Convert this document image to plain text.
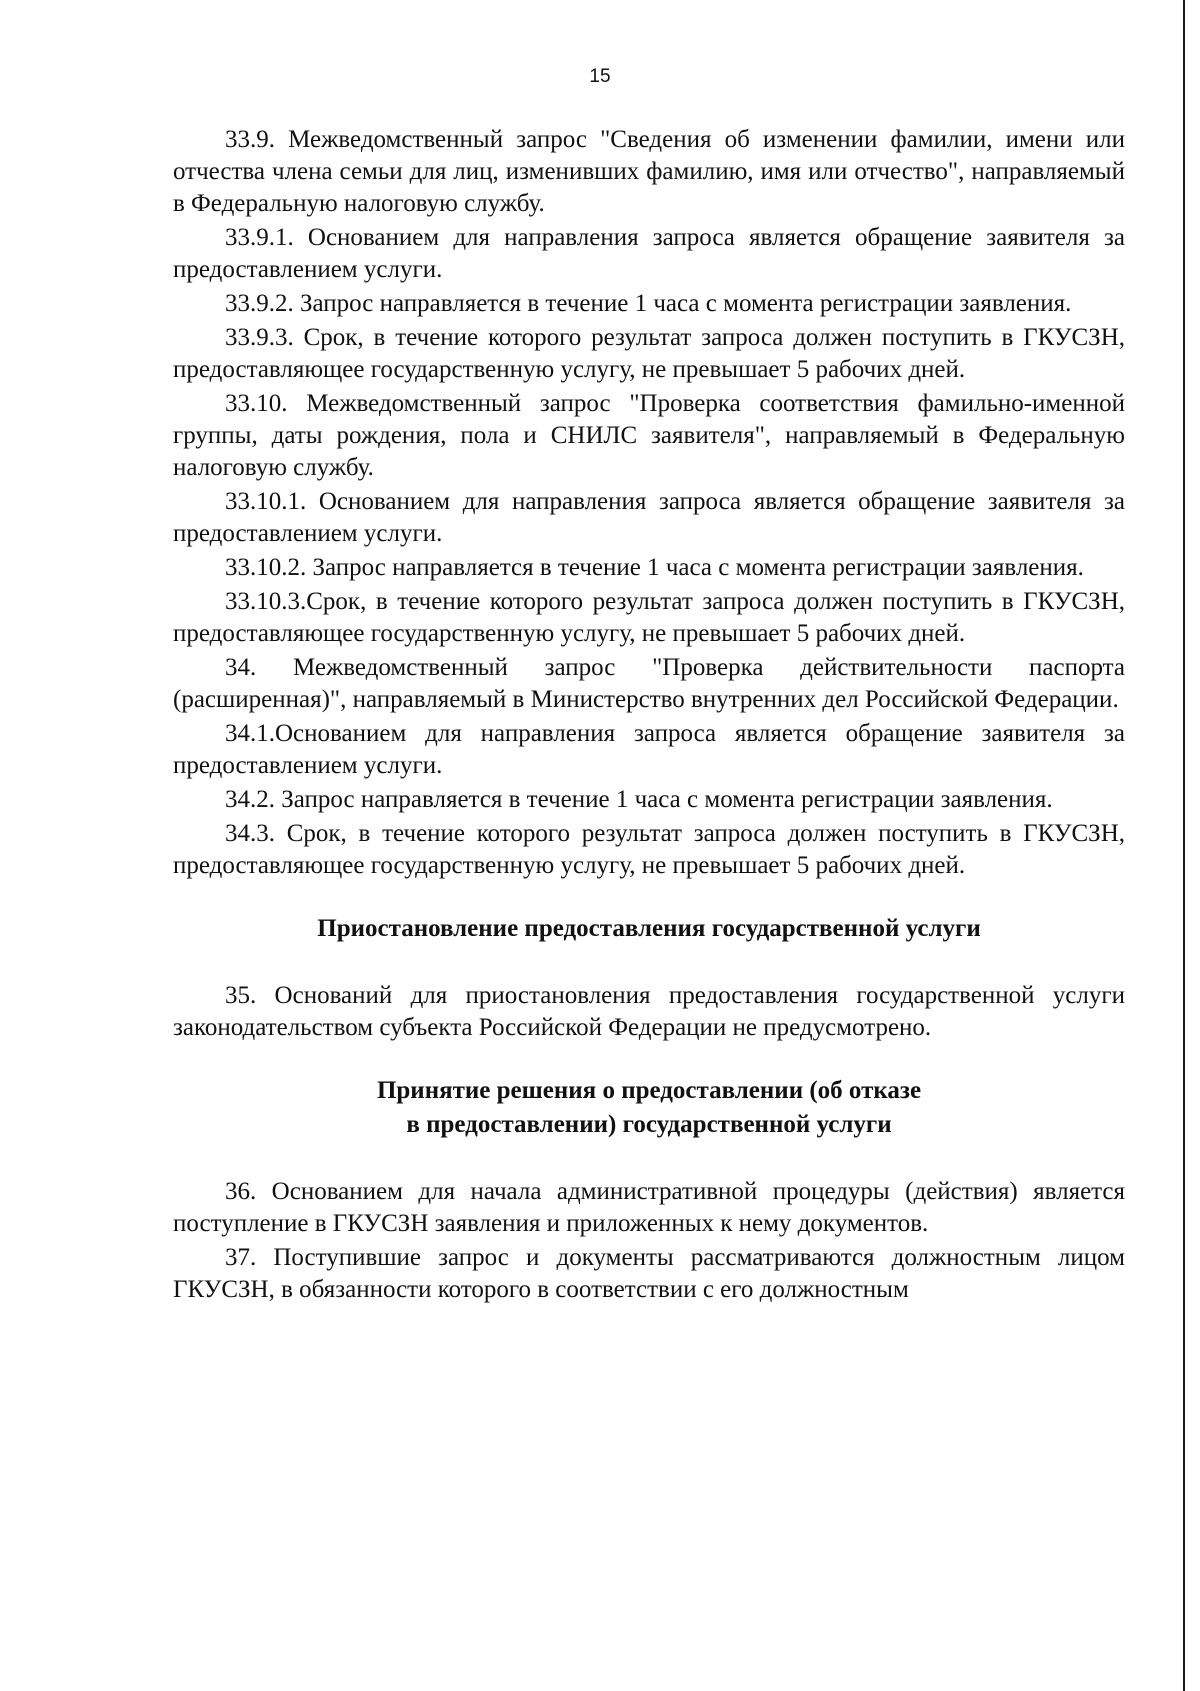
15

33.9. Межведомственный запрос "Сведения об изменении фамилии, имени или отчества члена семьи для лиц, изменивших фамилию, имя или отчество", направляемый в Федеральную налоговую службу.

33.9.1. Основанием для направления запроса является обращение заявителя за предоставлением услуги.

33.9.2. Запрос направляется в течение 1 часа с момента регистрации заявления.

33.9.3. Срок, в течение которого результат запроса должен поступить в ГКУСЗН, предоставляющее государственную услугу, не превышает 5 рабочих дней.

33.10. Межведомственный запрос "Проверка соответствия фамильно-именной группы, даты рождения, пола и СНИЛС заявителя", направляемый в Федеральную налоговую службу.

33.10.1. Основанием для направления запроса является обращение заявителя за предоставлением услуги.

33.10.2. Запрос направляется в течение 1 часа с момента регистрации заявления.

33.10.3.Срок, в течение которого результат запроса должен поступить в ГКУСЗН, предоставляющее государственную услугу, не превышает 5 рабочих дней.

34. Межведомственный запрос "Проверка действительности паспорта (расширенная)", направляемый в Министерство внутренних дел Российской Федерации.

34.1.Основанием для направления запроса является обращение заявителя за предоставлением услуги.

34.2. Запрос направляется в течение 1 часа с момента регистрации заявления.

34.3. Срок, в течение которого результат запроса должен поступить в ГКУСЗН, предоставляющее государственную услугу, не превышает 5 рабочих дней.

Приостановление предоставления государственной услуги

35. Оснований для приостановления предоставления государственной услуги законодательством субъекта Российской Федерации не предусмотрено.

Принятие решения о предоставлении (об отказе
в предоставлении) государственной услуги

36. Основанием для начала административной процедуры (действия) является поступление в ГКУСЗН заявления и приложенных к нему документов.

37. Поступившие запрос и документы рассматриваются должностным лицом ГКУСЗН, в обязанности которого в соответствии с его должностным
